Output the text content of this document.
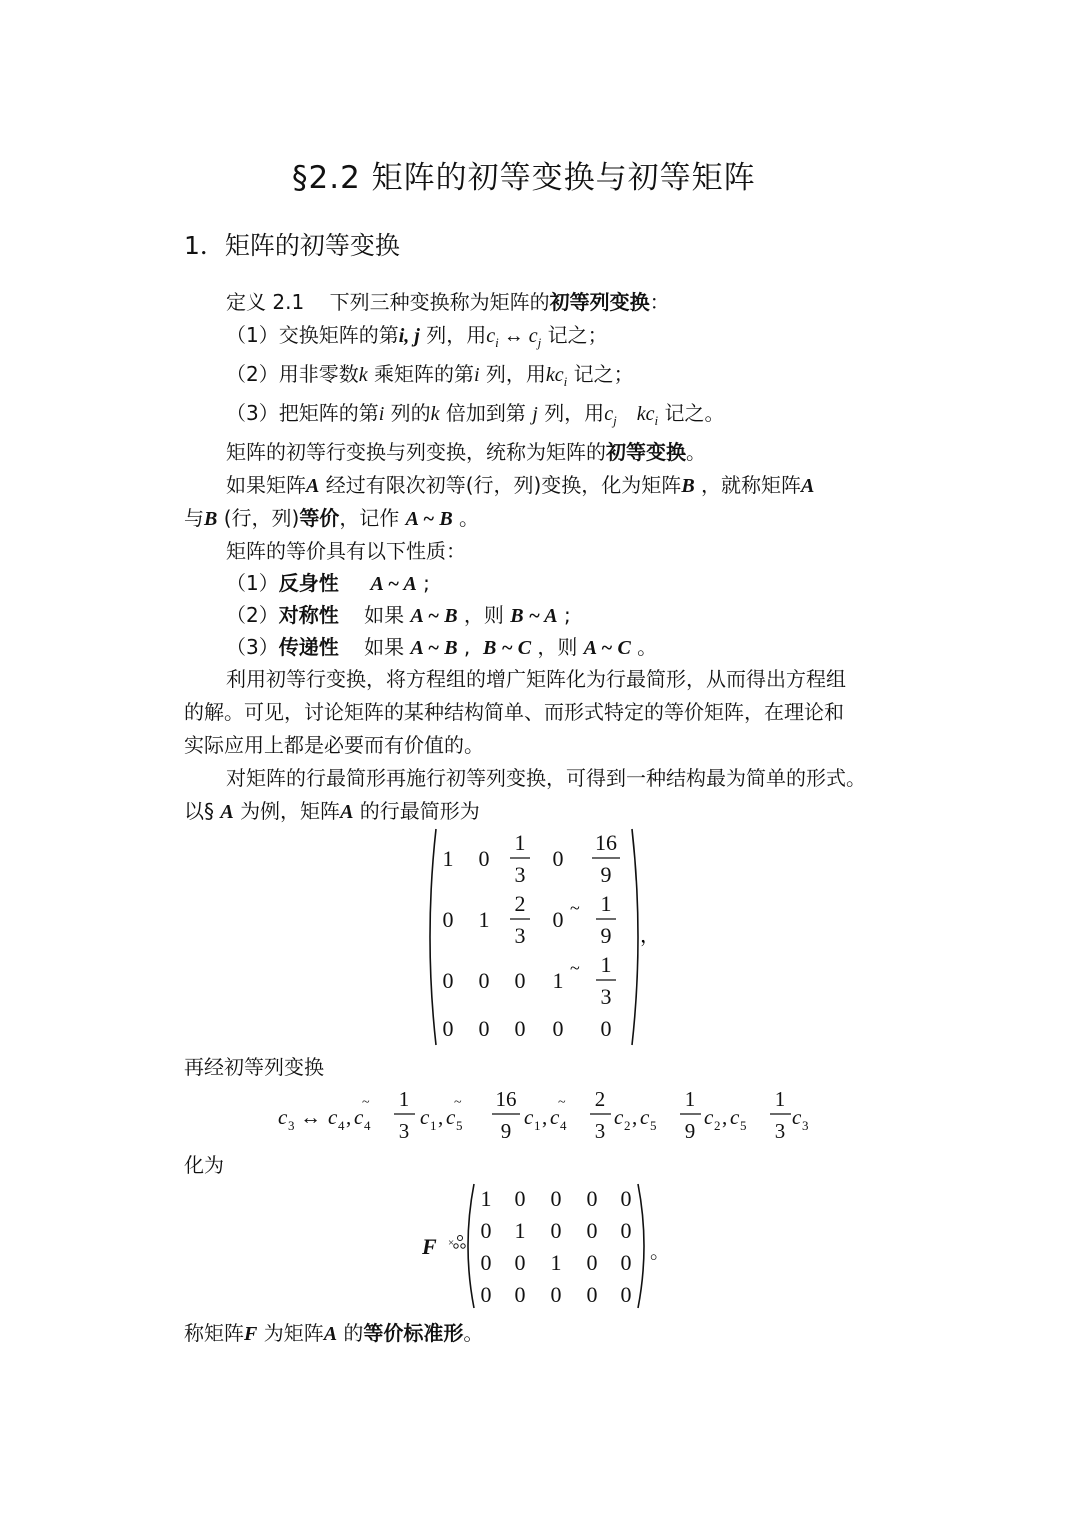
§2.2 矩阵的初等变换与初等矩阵
1．矩阵的初等变换
定义 2.1 下列三种变换称为矩阵的初等列变换：
（1）交换矩阵的第i, j 列，用$c_i$ ↔ $c_j$ 记之；
（2）用非零数k 乘矩阵的第i 列，用$kc_i$ 记之；
（3）把矩阵的第i 列的k 倍加到第 j 列，用$c_j$    $kc_i$ 记之。
矩阵的初等行变换与列变换，统称为矩阵的初等变换。
如果矩阵A 经过有限次初等(行，列)变换，化为矩阵B ，就称矩阵A
与B (行，列)等价，记作 A ~ B 。
矩阵的等价具有以下性质：
（1）反身性 A ~ A ;
（2）对称性 如果 A ~ B ，则 B ~ A ;
（3）传递性 如果 A ~ B ,  B ~ C ，则 A ~ C 。
利用初等行变换，将方程组的增广矩阵化为行最简形，从而得出方程组
的解。可见，讨论矩阵的某种结构简单、而形式特定的等价矩阵，在理论和
实际应用上都是必要而有价值的。
对矩阵的行最简形再施行初等列变换，可得到一种结构最为简单的形式。
以§ A 为例，矩阵A 的行最简形为
1 0
1
3
0
16
9
0 1
2
3
0
1
9
0 0 0 1
1
3
0 0 0 0 0
~
~
，
再经初等列变换
c 3 ↔ c 4 , c 4
~ 1
3
c 1 , c 5
~ 16
9
c 1 , c 4
~ 2
3
c 2 , c 5
1
9
c 2 , c 5
1
3
c 3
化为
F ×
1 0 0 0 0
0 1 0 0 0
0 0 1 0 0
0 0 0 0 0
。
称矩阵F 为矩阵A 的等价标准形。
